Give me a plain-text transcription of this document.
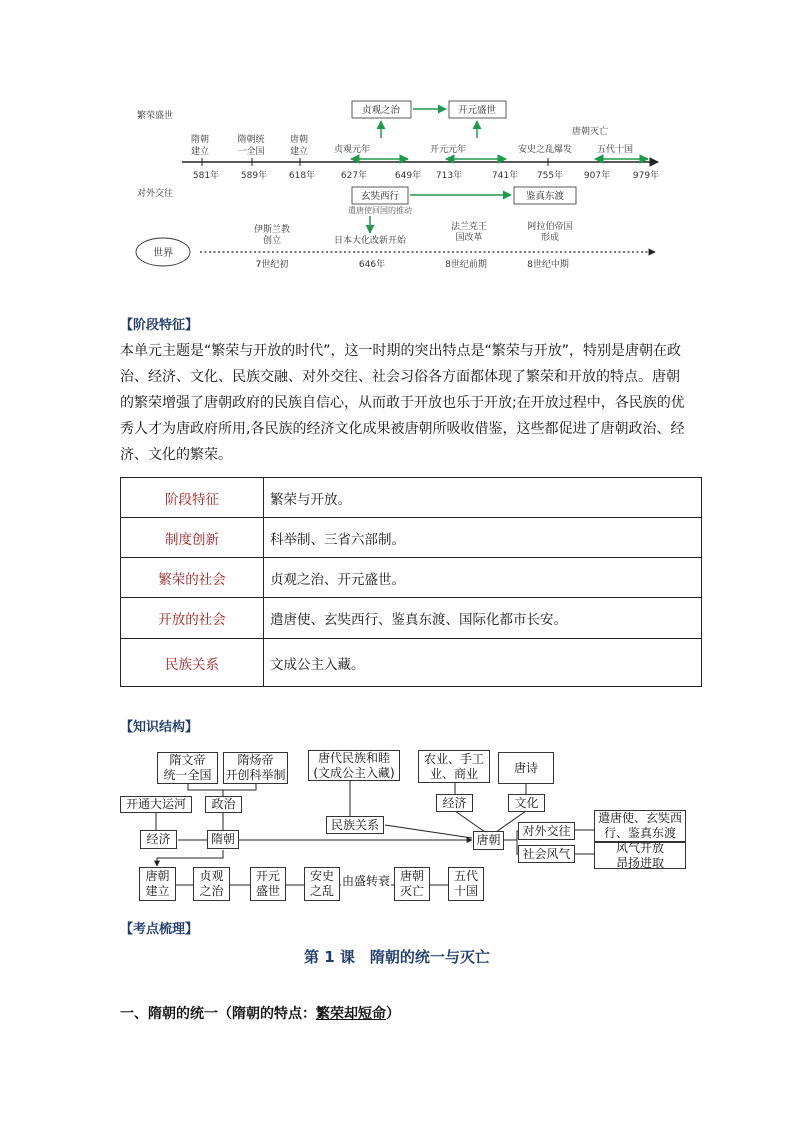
繁荣盛世
对外交往
贞观之治	开元盛世
隋朝
建立
581年
隋朝统
一全国
589年
唐朝
建立
618年
贞观元年
627年	649年
开元元年
713年	741年
安史之乱爆发
755年
五代十国
907年	979年
唐朝灭亡
玄奘西行	鉴真东渡
遣唐使回国的推动
世界
伊斯兰教
创立
7世纪初
日本大化改新开始
646年
法兰克王
国改革
8世纪前期
阿拉伯帝国
形成
8世纪中期
【阶段特征】
本单元主题是“繁荣与开放的时代”，这一时期的突出特点是“繁荣与开放”，特别是唐朝在政治、经济、文化、民族交融、对外交往、社会习俗各方面都体现了繁荣和开放的特点。唐朝的繁荣增强了唐朝政府的民族自信心，从而敢于开放也乐于开放;在开放过程中，各民族的优秀人才为唐政府所用,各民族的经济文化成果被唐朝所吸收借鉴，这些都促进了唐朝政治、经济、文化的繁荣。
阶段特征	繁荣与开放。
制度创新	科举制、三省六部制。
繁荣的社会	贞观之治、开元盛世。
开放的社会	遣唐使、玄奘西行、鉴真东渡、国际化都市长安。
民族关系	文成公主入藏。
【知识结构】
隋文帝
统一全国
隋炀帝
开创科举制
开通大运河 政治
经济	隋朝
唐代民族和睦
(文成公主入藏)
民族关系
农业、手工
业、商业	唐诗
经济	文化
唐朝
对外交往
社会风气
遣唐使、玄奘西
行、鉴真东渡
风气开放
昂扬进取
唐朝
建立
贞观
之治
开元
盛世
安史
之乱
由盛转衰 唐朝
灭亡
五代
十国
【考点梳理】
第 1 课　隋朝的统一与灭亡
一、隋朝的统一（隋朝的特点：繁荣却短命）
